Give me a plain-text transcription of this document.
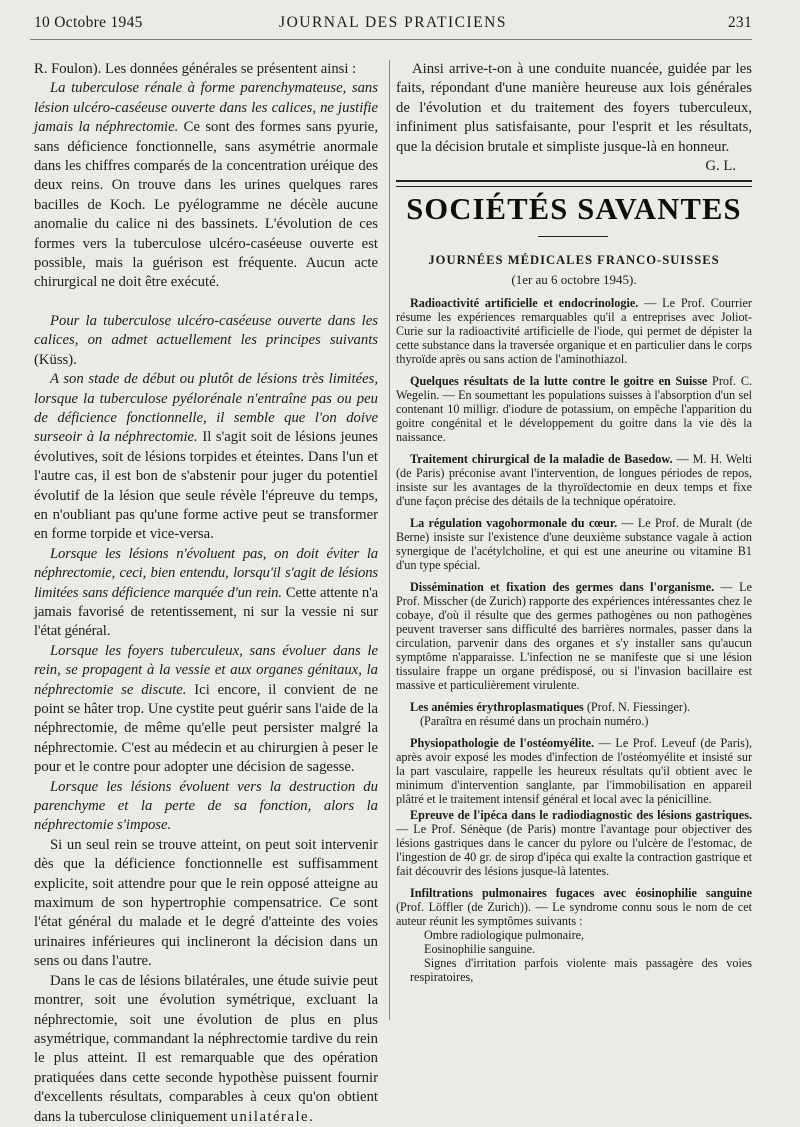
10 Octobre 1945	JOURNAL DES PRATICIENS	231

R. Foulon). Les données générales se présentent ainsi :

La tuberculose rénale à forme parenchymateuse, sans lésion ulcéro-caséeuse ouverte dans les calices, ne justifie jamais la néphrectomie. Ce sont des formes sans pyurie, sans déficience fonctionnelle, sans asymétrie anormale dans les chiffres comparés de la concentration uréique des deux reins. On trouve dans les urines quelques rares bacilles de Koch. Le pyélogramme ne décèle aucune anomalie du calice ni des bassinets. L'évolution de ces formes vers la tuberculose ulcéro-caséeuse ouverte est possible, mais la guérison est fréquente. Aucun acte chirurgical ne doit être exécuté.

Pour la tuberculose ulcéro-caséeuse ouverte dans les calices, on admet actuellement les principes suivants (Küss).

A son stade de début ou plutôt de lésions très limitées, lorsque la tuberculose pyélorénale n'entraîne pas ou peu de déficience fonctionnelle, il semble que l'on doive surseoir à la néphrectomie. Il s'agit soit de lésions jeunes évolutives, soit de lésions torpides et éteintes. Dans l'un et l'autre cas, il est bon de s'abstenir pour juger du potentiel évolutif de la lésion que seule révèle l'épreuve du temps, en n'oubliant pas qu'une forme active peut se transformer en forme torpide et vice-versa.

Lorsque les lésions n'évoluent pas, on doit éviter la néphrectomie, ceci, bien entendu, lorsqu'il s'agit de lésions limitées sans déficience marquée d'un rein. Cette attente n'a jamais favorisé de retentissement, ni sur la vessie ni sur l'état général.

Lorsque les foyers tuberculeux, sans évoluer dans le rein, se propagent à la vessie et aux organes génitaux, la néphrectomie se discute. Ici encore, il convient de ne point se hâter trop. Une cystite peut guérir sans l'aide de la néphrectomie, de même qu'elle peut persister malgré la néphrectomie. C'est au médecin et au chirurgien à peser le pour et le contre pour adopter une décision de sagesse.

Lorsque les lésions évoluent vers la destruction du parenchyme et la perte de sa fonction, alors la néphrectomie s'impose.

Si un seul rein se trouve atteint, on peut soit intervenir dès que la déficience fonctionnelle est suffisamment explicite, soit attendre pour que le rein opposé atteigne au maximum de son hypertrophie compensatrice. Ce sont l'état général du malade et le degré d'atteinte des voies urinaires inférieures qui inclineront la décision dans un sens ou dans l'autre.

Dans le cas de lésions bilatérales, une étude suivie peut montrer, soit une évolution symétrique, excluant la néphrectomie, soit une évolution de plus en plus asymétrique, commandant la néphrectomie tardive du rein le plus atteint. Il est remarquable que des opération pratiquées dans cette seconde hypothèse puissent fournir d'excellents résultats, comparables à ceux qu'on obtient dans la tuberculose cliniquement unilatérale.

Ainsi arrive-t-on à une conduite nuancée, guidée par les faits, répondant d'une manière heureuse aux lois générales de l'évolution et du traitement des foyers tuberculeux, infiniment plus satisfaisante, pour l'esprit et les résultats, que la décision brutale et simpliste jusque-là en honneur.

G. L.
SOCIÉTÉS SAVANTES
JOURNÉES MÉDICALES FRANCO-SUISSES
(1er au 6 octobre 1945).
Radioactivité artificielle et endocrinologie. — Le Prof. Courrier résume les expériences remarquables qu'il a entreprises avec Joliot-Curie sur la radioactivité artificielle de l'iode, qui permet de dépister la cette substance dans la traversée organique et en particulier dans le corps thyroïde après ou sans action de l'aminothiazol.
Quelques résultats de la lutte contre le goitre en Suisse Prof. C. Wegelin. — En soumettant les populations suisses à l'absorption d'un sel contenant 10 milligr. d'iodure de potassium, on empêche l'apparition du goitre congénital et le développement du goitre dans la vie dès la naissance.
Traitement chirurgical de la maladie de Basedow. — M. H. Welti (de Paris) préconise avant l'intervention, de longues périodes de repos, insiste sur les avantages de la thyroïdectomie en deux temps et fixe d'une façon précise des détails de la technique opératoire.
La régulation vagohormonale du cœur. — Le Prof. de Muralt (de Berne) insiste sur l'existence d'une deuxième substance vagale à action synergique de l'acétylcholine, et qui est une aneurine ou vitamine B1 d'un type spécial.
Dissémination et fixation des germes dans l'organisme. — Le Prof. Misscher (de Zurich) rapporte des expériences intéressantes chez le cobaye, d'où il résulte que des germes pathogènes ou non pathogènes peuvent traverser sans difficulté des barrières normales, passer dans la circulation, parvenir dans des organes et s'y installer sans qu'aucun symptôme n'apparaisse. L'infection ne se manifeste que si une lésion tissulaire frappe un organe prédisposé, ou si l'invasion bacillaire est massive et particulièrement virulente.
Les anémies érythroplasmatiques (Prof. N. Fiessinger).

(Paraîtra en résumé dans un prochain numéro.)

Physiopathologie de l'ostéomyélite. — Le Prof. Leveuf (de Paris), après avoir exposé les modes d'infection de l'ostéomyélite et insisté sur la part vasculaire, rappelle les heureux résultats qu'il obtient avec le minimum d'intervention sanglante, par l'immobilisation en appareil plâtré et le traitement intensif général et local avec la pénicilline.
Epreuve de l'ipéca dans le radiodiagnostic des lésions gastriques. — Le Prof. Sénèque (de Paris) montre l'avantage pour objectiver des lésions gastriques dans le cancer du pylore ou l'ulcère de l'estomac, de l'ingestion de 40 gr. de sirop d'ipéca qui exalte la contraction gastrique et fait découvrir des lésions jusque-là latentes.
Infiltrations pulmonaires fugaces avec éosinophilie sanguine (Prof. Löffler (de Zurich)). — Le syndrome connu sous le nom de cet auteur réunit les symptômes suivants :
Ombre radiologique pulmonaire,
Eosinophilie sanguine.
Signes d'irritation parfois violente mais passagère des voies respiratoires,
